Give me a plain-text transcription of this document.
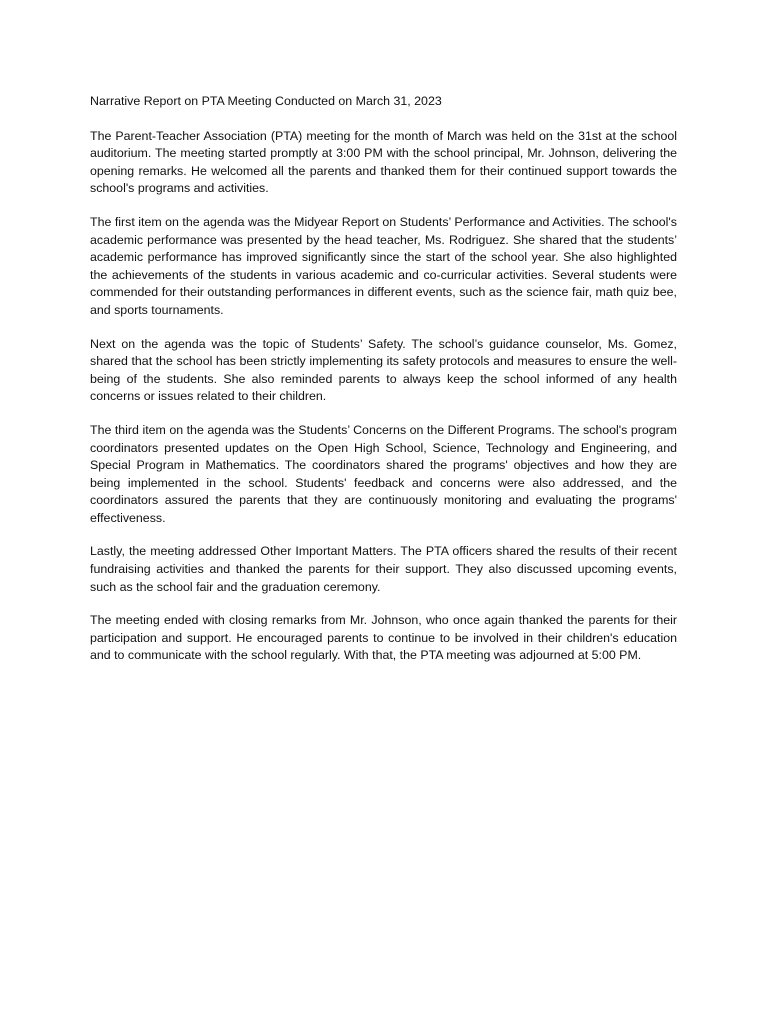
Narrative Report on PTA Meeting Conducted on March 31, 2023

The Parent-Teacher Association (PTA) meeting for the month of March was held on the 31st at the school auditorium. The meeting started promptly at 3:00 PM with the school principal, Mr. Johnson, delivering the opening remarks. He welcomed all the parents and thanked them for their continued support towards the school's programs and activities.

The first item on the agenda was the Midyear Report on Students’ Performance and Activities. The school's academic performance was presented by the head teacher, Ms. Rodriguez. She shared that the students’ academic performance has improved significantly since the start of the school year. She also highlighted the achievements of the students in various academic and co-curricular activities. Several students were commended for their outstanding performances in different events, such as the science fair, math quiz bee, and sports tournaments.

Next on the agenda was the topic of Students’ Safety. The school’s guidance counselor, Ms. Gomez, shared that the school has been strictly implementing its safety protocols and measures to ensure the well-being of the students. She also reminded parents to always keep the school informed of any health concerns or issues related to their children.

The third item on the agenda was the Students’ Concerns on the Different Programs. The school's program coordinators presented updates on the Open High School, Science, Technology and Engineering, and Special Program in Mathematics. The coordinators shared the programs' objectives and how they are being implemented in the school. Students' feedback and concerns were also addressed, and the coordinators assured the parents that they are continuously monitoring and evaluating the programs' effectiveness.

Lastly, the meeting addressed Other Important Matters. The PTA officers shared the results of their recent fundraising activities and thanked the parents for their support. They also discussed upcoming events, such as the school fair and the graduation ceremony.

The meeting ended with closing remarks from Mr. Johnson, who once again thanked the parents for their participation and support. He encouraged parents to continue to be involved in their children's education and to communicate with the school regularly. With that, the PTA meeting was adjourned at 5:00 PM.
